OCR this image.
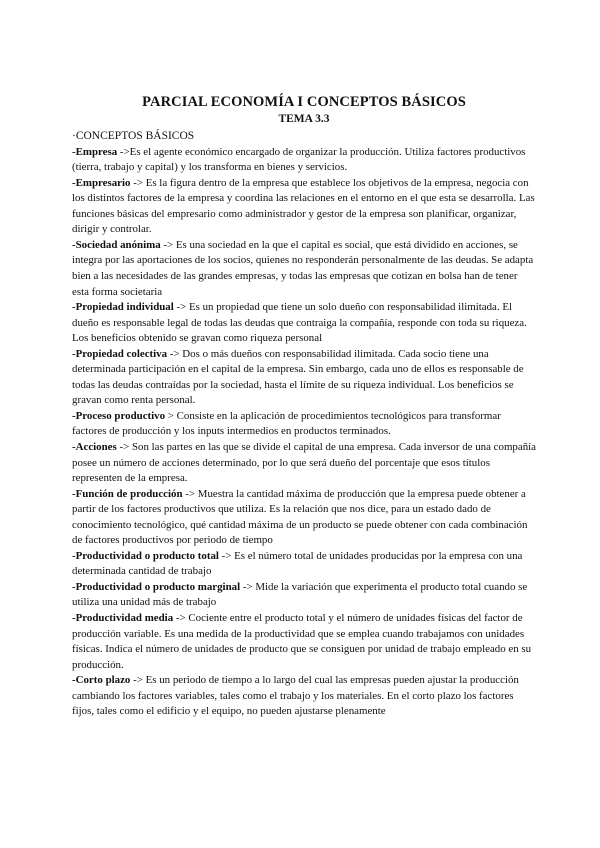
PARCIAL ECONOMÍA I CONCEPTOS BÁSICOS
TEMA 3.3

·CONCEPTOS BÁSICOS

-Empresa ->Es el agente económico encargado de organizar la producción. Utiliza factores productivos (tierra, trabajo y capital) y los transforma en bienes y servicios.

-Empresario -> Es la figura dentro de la empresa que establece los objetivos de la empresa, negocia con los distintos factores de la empresa y coordina las relaciones en el entorno en el que esta se desarrolla. Las funciones básicas del empresario como administrador y gestor de la empresa son planificar, organizar, dirigir y controlar.

-Sociedad anónima -> Es una sociedad en la que el capital es social, que está dividido en acciones, se integra por las aportaciones de los socios, quienes no responderán personalmente de las deudas. Se adapta bien a las necesidades de las grandes empresas, y todas las empresas que cotizan en bolsa han de tener esta forma societaria

-Propiedad individual -> Es un propiedad que tiene un solo dueño con responsabilidad ilimitada. El dueño es responsable legal de todas las deudas que contraiga la compañía, responde con toda su riqueza. Los beneficios obtenido se gravan como riqueza personal

-Propiedad colectiva -> Dos o más dueños con responsabilidad ilimitada. Cada socio tiene una determinada participación en el capital de la empresa. Sin embargo, cada uno de ellos es responsable de todas las deudas contraídas por la sociedad, hasta el límite de su riqueza individual. Los beneficios se gravan como renta personal.

-Proceso productivo > Consiste en la aplicación de procedimientos tecnológicos para transformar factores de producción y los inputs intermedios en productos terminados.

-Acciones -> Son las partes en las que se divide el capital de una empresa. Cada inversor de una compañía posee un número de acciones determinado, por lo que será dueño del porcentaje que esos títulos representen de la empresa.

-Función de producción -> Muestra la cantidad máxima de producción que la empresa puede obtener a partir de los factores productivos que utiliza. Es la relación que nos dice, para un estado dado de conocimiento tecnológico, qué cantidad máxima de un producto se puede obtener con cada combinación de factores productivos por periodo de tiempo

-Productividad o producto total -> Es el número total de unidades producidas por la empresa con una determinada cantidad de trabajo

-Productividad o producto marginal -> Mide la variación que experimenta el producto total cuando se utiliza una unidad más de trabajo

-Productividad media -> Cociente entre el producto total y el número de unidades físicas del factor de producción variable. Es una medida de la productividad que se emplea cuando trabajamos con unidades físicas. Indica el número de unidades de producto que se consiguen por unidad de trabajo empleado en su producción.

-Corto plazo -> Es un periodo de tiempo a lo largo del cual las empresas pueden ajustar la producción cambiando los factores variables, tales como el trabajo y los materiales. En el corto plazo los factores fijos, tales como el edificio y el equipo, no pueden ajustarse plenamente
